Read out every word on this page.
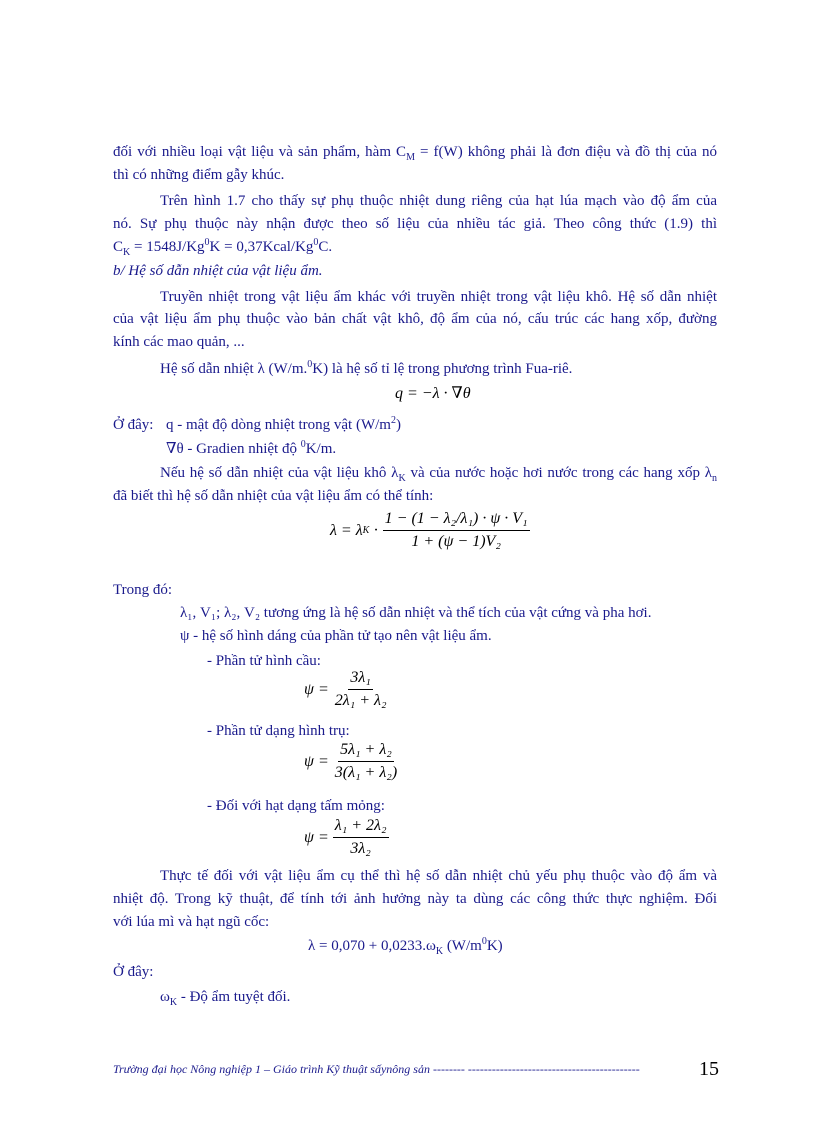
đối với nhiều loại vật liệu và sản phẩm, hàm $C_M = f(W)$ không phải là đơn điệu và đồ thị của nó
thì có những điểm gẫy khúc.
Trên hình 1.7 cho thấy sự phụ thuộc nhiệt dung riêng của hạt lúa mạch vào độ ẩm của
nó. Sự phụ thuộc này nhận được theo số liệu của nhiều tác giả. Theo công thức (1.9) thì
$C_K = 1548J/Kg^0K$ = $0,37Kcal/Kg^0C$.
b/ Hệ số dẫn nhiệt của vật liệu ẩm.
Truyền nhiệt trong vật liệu ẩm khác với truyền nhiệt trong vật liệu khô. Hệ số dẫn nhiệt
của vật liệu ẩm phụ thuộc vào bản chất vật khô, độ ẩm của nó, cấu trúc các hang xốp, đường
kính các mao quản, ...
Hệ số dẫn nhiệt λ (W/m.$^0$K) là hệ số tỉ lệ trong phương trình Fua-riê.
q = −λ · ∇θ
Ở đây: q - mật độ dòng nhiệt trong vật $(W/m^2)$
∇θ - Gradien nhiệt độ $^0$K/m.
Nếu hệ số dẫn nhiệt của vật liệu khô $\lambda_K$ và của nước hoặc hơi nước trong các hang xốp $\lambda_n$
đã biết thì hệ số dẫn nhiệt của vật liệu ẩm có thể tính:
λ = λ $K \cdot \frac{\text{1 − (1 − λ₂/λ₁) · ψ · V₁}}{\text{1 + (ψ − 1)V₂}}$
Trong đó:
λ₁, V₁; λ₂, V₂ tương ứng là hệ số dẫn nhiệt và thể tích của vật cứng và pha hơi.
ψ - hệ số hình dáng của phần tử tạo nên vật liệu ẩm.
- Phần tử hình cầu:
$\psi = \frac{\text{3λ₁}}{\text{2λ₁ + λ₂}}$
- Phần tử dạng hình trụ:
$\psi = \frac{\text{5λ₁ + λ₂}}{\text{3(λ₁ + λ₂)}}$
- Đối với hạt dạng tấm mỏng:
$\psi = \frac{\text{λ₁ + 2λ₂}}{\text{3λ₂}}$
Thực tế đối với vật liệu ẩm cụ thể thì hệ số dẫn nhiệt chủ yếu phụ thuộc vào độ ẩm và
nhiệt độ. Trong kỹ thuật, để tính tới ảnh hưởng này ta dùng các công thức thực nghiệm. Đối
với lúa mì và hạt ngũ cốc:
$\lambda = 0,070 + 0,0233.\omega_K$ $(W/m^0K)$
Ở đây:
$\omega_K$ - Độ ẩm tuyệt đối.
Trường đại học Nông nghiệp 1 – Giáo trình Kỹ thuật sấynông sản -------- -------------------------------------------	15
